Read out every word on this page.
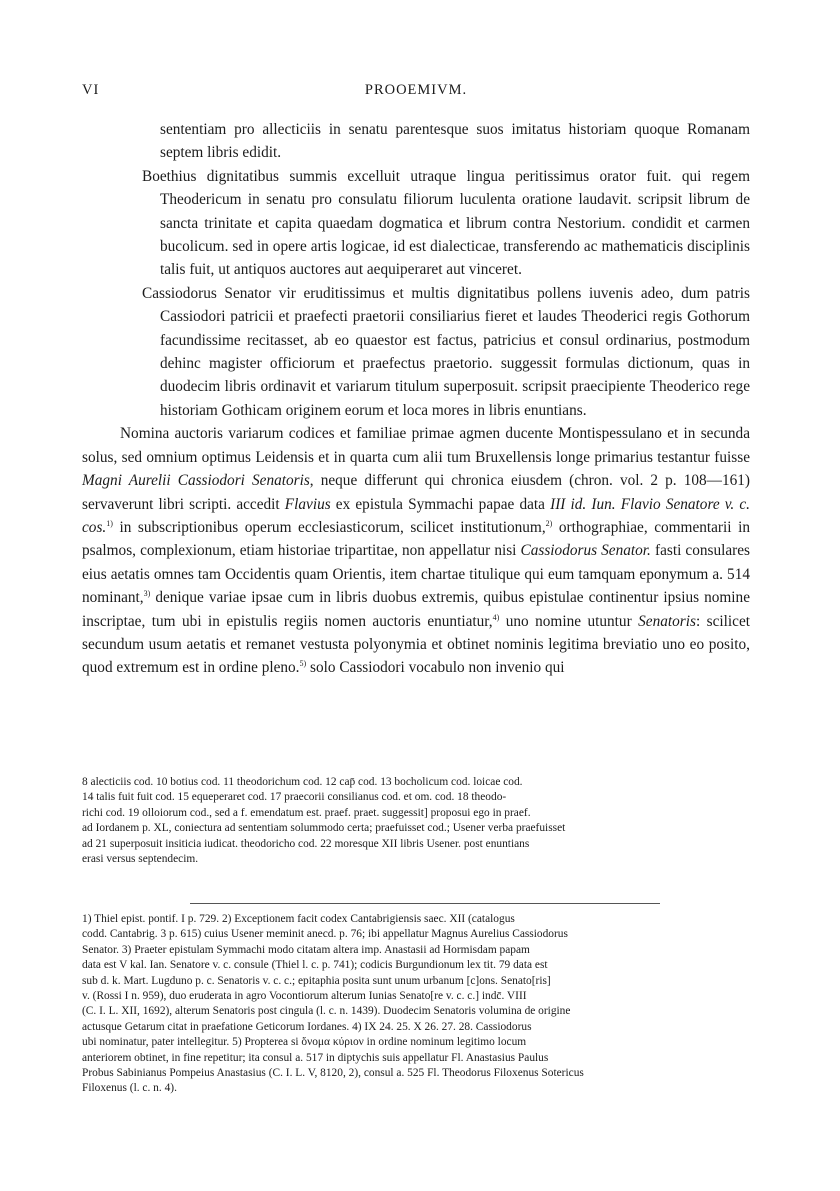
VI	PROOEMIVM.

sententiam pro allecticiis in senatu parentesque suos imitatus historiam quoque Romanam septem libris edidit.

Boethius dignitatibus summis excelluit utraque lingua peritissimus orator fuit. qui regem Theodericum in senatu pro consulatu filiorum luculenta oratione laudavit. scripsit librum de sancta trinitate et capita quaedam dogmatica et librum contra Nestorium. condidit et carmen bucolicum. sed in opere artis logicae, id est dialecticae, transferendo ac mathematicis disciplinis talis fuit, ut antiquos auctores aut aequiperaret aut vinceret.

Cassiodorus Senator vir eruditissimus et multis dignitatibus pollens iuvenis adeo, dum patris Cassiodori patricii et praefecti praetorii consiliarius fieret et laudes Theoderici regis Gothorum facundissime recitasset, ab eo quaestor est factus, patricius et consul ordinarius, postmodum dehinc magister officiorum et praefectus praetorio. suggessit formulas dictionum, quas in duodecim libris ordinavit et variarum titulum superposuit. scripsit praecipiente Theoderico rege historiam Gothicam originem eorum et loca mores in libris enuntians.

Nomina auctoris variarum codices et familiae primae agmen ducente Montispessulano et in secunda solus, sed omnium optimus Leidensis et in quarta cum alii tum Bruxellensis longe primarius testantur fuisse Magni Aurelii Cassiodori Senatoris, neque differunt qui chronica eiusdem (chron. vol. 2 p. 108—161) servaverunt libri scripti. accedit Flavius ex epistula Symmachi papae data III id. Iun. Flavio Senatore v. c. cos.$^{1)}$ in subscriptionibus operum ecclesiasticorum, scilicet institutionum,$^{2)}$ orthographiae, commentarii in psalmos, complexionum, etiam historiae tripartitae, non appellatur nisi Cassiodorus Senator. fasti consulares eius aetatis omnes tam Occidentis quam Orientis, item chartae titulique qui eum tamquam eponymum a. 514 nominant,$^{3)}$ denique variae ipsae cum in libris duobus extremis, quibus epistulae continentur ipsius nomine inscriptae, tum ubi in epistulis regiis nomen auctoris enuntiatur,$^{4)}$ uno nomine utuntur Senatoris: scilicet secundum usum aetatis et remanet vestusta polyonymia et obtinet nominis legitima breviatio uno eo posito, quod extremum est in ordine pleno.$^{5)}$ solo Cassiodori vocabulo non invenio qui

8 alecticiis cod. 10 botius cod. 11 theodorichum cod. 12 cap̄ cod. 13 bocholicum cod. loicae cod.

14 talis fuit fuit cod. 15 equeperaret cod. 17 praecorii consilianus cod. et om. cod. 18 theodo-

richi cod. 19 olloiorum cod., sed a f. emendatum est. praef. praet. suggessit] proposui ego in praef.

ad Iordanem p. XL, coniectura ad sententiam solummodo certa; praefuisset cod.; Usener verba praefuisset

ad 21 superposuit insiticia iudicat. theodoricho cod. 22 moresque XII libris Usener. post enuntians

erasi versus septendecim.

1) Thiel epist. pontif. I p. 729. 2) Exceptionem facit codex Cantabrigiensis saec. XII (catalogus

codd. Cantabrig. 3 p. 615) cuius Usener meminit anecd. p. 76; ibi appellatur Magnus Aurelius Cassiodorus

Senator. 3) Praeter epistulam Symmachi modo citatam altera imp. Anastasii ad Hormisdam papam

data est V kal. Ian. Senatore v. c. consule (Thiel l. c. p. 741); codicis Burgundionum lex tit. 79 data est

sub d. k. Mart. Lugduno p. c. Senatoris v. c. c.; epitaphia posita sunt unum urbanum [c]ons. Senato[ris]

v. (Rossi I n. 959), duo eruderata in agro Vocontiorum alterum Iunias Senato[re v. c. c.] indc̄. VIII

(C. I. L. XII, 1692), alterum Senatoris post cingula (l. c. n. 1439). Duodecim Senatoris volumina de origine

actusque Getarum citat in praefatione Geticorum Iordanes. 4) IX 24. 25. X 26. 27. 28. Cassiodorus

ubi nominatur, pater intellegitur. 5) Propterea si ὄνομα κύριον in ordine nominum legitimo locum

anteriorem obtinet, in fine repetitur; ita consul a. 517 in diptychis suis appellatur Fl. Anastasius Paulus

Probus Sabinianus Pompeius Anastasius (C. I. L. V, 8120, 2), consul a. 525 Fl. Theodorus Filoxenus Sotericus

Filoxenus (l. c. n. 4).
